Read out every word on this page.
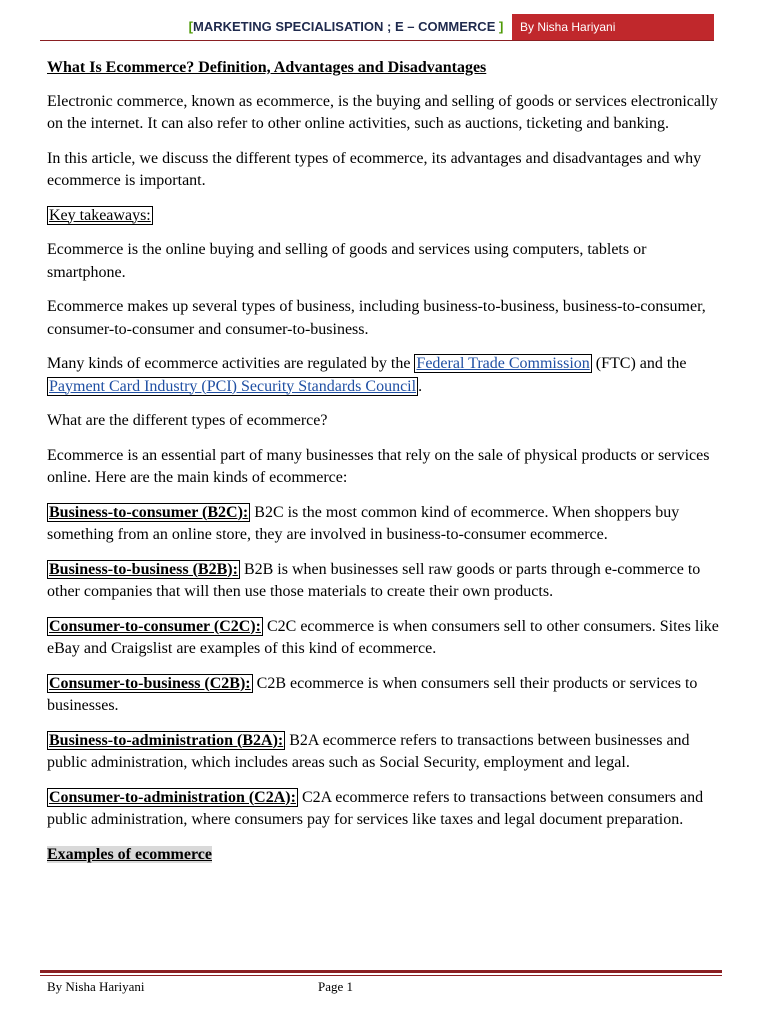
[MARKETING SPECIALISATION ; E – COMMERCE ]	By Nisha Hariyani

What Is Ecommerce? Definition, Advantages and Disadvantages

Electronic commerce, known as ecommerce, is the buying and selling of goods or services electronically on the internet. It can also refer to other online activities, such as auctions, ticketing and banking.

In this article, we discuss the different types of ecommerce, its advantages and disadvantages and why ecommerce is important.

Key takeaways:

Ecommerce is the online buying and selling of goods and services using computers, tablets or smartphone.

Ecommerce makes up several types of business, including business-to-business, business-to-consumer, consumer-to-consumer and consumer-to-business.

Many kinds of ecommerce activities are regulated by the Federal Trade Commission (FTC) and the Payment Card Industry (PCI) Security Standards Council .

What are the different types of ecommerce?

Ecommerce is an essential part of many businesses that rely on the sale of physical products or services online. Here are the main kinds of ecommerce:

Business-to-consumer (B2C): B2C is the most common kind of ecommerce. When shoppers buy something from an online store, they are involved in business-to-consumer ecommerce.

Business-to-business (B2B): B2B is when businesses sell raw goods or parts through e-commerce to other companies that will then use those materials to create their own products.

Consumer-to-consumer (C2C): C2C ecommerce is when consumers sell to other consumers. Sites like eBay and Craigslist are examples of this kind of ecommerce.

Consumer-to-business (C2B): C2B ecommerce is when consumers sell their products or services to businesses.

Business-to-administration (B2A): B2A ecommerce refers to transactions between businesses and public administration, which includes areas such as Social Security, employment and legal.

Consumer-to-administration (C2A): C2A ecommerce refers to transactions between consumers and public administration, where consumers pay for services like taxes and legal document preparation.

Examples of ecommerce

By Nisha Hariyani	Page 1
